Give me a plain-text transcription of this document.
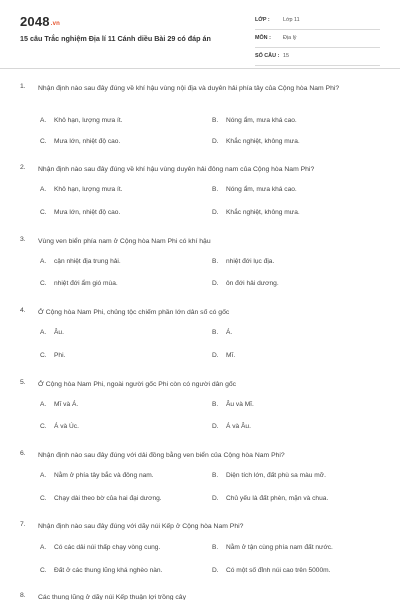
2048.vn
15 câu Trắc nghiệm Địa lí 11 Cánh diều Bài 29 có đáp án
LỚP : Lớp 11
MÔN : Địa lý
SỐ CÂU : 15
1. Nhận định nào sau đây đúng về khí hậu vùng nội địa và duyên hải phía tây của Cộng hòa Nam Phi?
A. Khô hạn, lượng mưa ít.	B. Nóng ẩm, mưa khá cao.
C. Mưa lớn, nhiệt độ cao.	D. Khắc nghiệt, không mưa.
2. Nhận định nào sau đây đúng về khí hậu vùng duyên hải đông nam của Cộng hòa Nam Phi?
A. Khô hạn, lượng mưa ít.	B. Nóng ẩm, mưa khá cao.
C. Mưa lớn, nhiệt độ cao.	D. Khắc nghiệt, không mưa.
3. Vùng ven biển phía nam ở Cộng hòa Nam Phi có khí hậu
A. cận nhiệt địa trung hải.	B. nhiệt đới lục địa.
C. nhiệt đới ẩm gió mùa.	D. ôn đới hải dương.
4. Ở Cộng hòa Nam Phi, chủng tộc chiếm phần lớn dân số có gốc
A. Âu.	B. Á.
C. Phi.	D. Mĩ.
5. Ở Cộng hòa Nam Phi, ngoài người gốc Phi còn có người dân gốc
A. Mĩ và Á.	B. Âu và Mĩ.
C. Á và Úc.	D. Á và Âu.
6. Nhận định nào sau đây đúng với dải đồng bằng ven biển của Cộng hòa Nam Phi?
A. Nằm ở phía tây bắc và đông nam.	B. Diện tích lớn, đất phù sa màu mỡ.
C. Chạy dài theo bờ của hai đại dương.	D. Chủ yếu là đất phèn, mặn và chua.
7. Nhận định nào sau đây đúng với dãy núi Kếp ở Cộng hòa Nam Phi?
A. Có các dải núi thấp chạy vòng cung.	B. Nằm ở tận cùng phía nam đất nước.
C. Đất ở các thung lũng khá nghèo nàn.	D. Có một số đỉnh núi cao trên 5000m.
8. Các thung lũng ở dãy núi Kếp thuận lợi trồng cây
